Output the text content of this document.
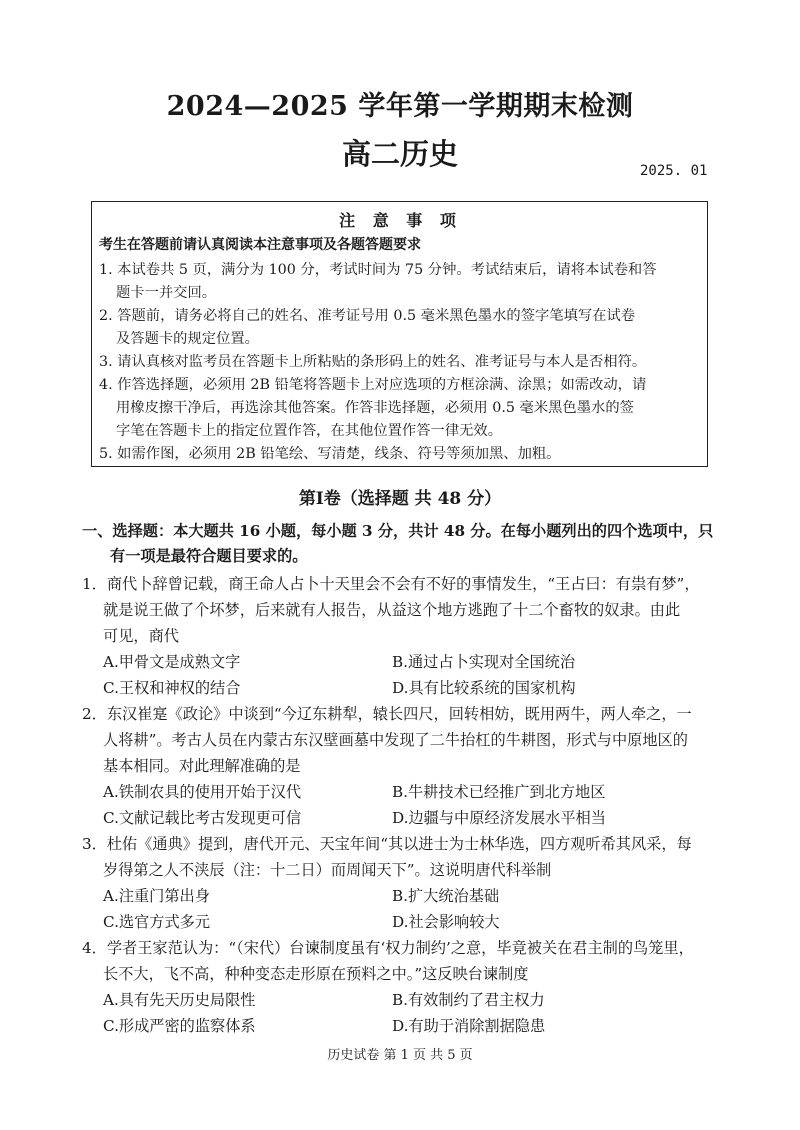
2024—2025 学年第一学期期末检测
高二历史	2025. 01
注 意 事 项
考生在答题前请认真阅读本注意事项及各题答题要求
1. 本试卷共 5 页，满分为 100 分，考试时间为 75 分钟。考试结束后，请将本试卷和答
题卡一并交回。
2. 答题前，请务必将自己的姓名、准考证号用 0.5 毫米黑色墨水的签字笔填写在试卷
及答题卡的规定位置。
3. 请认真核对监考员在答题卡上所粘贴的条形码上的姓名、准考证号与本人是否相符。
4. 作答选择题，必须用 2B 铅笔将答题卡上对应选项的方框涂满、涂黑；如需改动，请
用橡皮擦干净后，再选涂其他答案。作答非选择题，必须用 0.5 毫米黑色墨水的签
字笔在答题卡上的指定位置作答，在其他位置作答一律无效。
5. 如需作图，必须用 2B 铅笔绘、写清楚，线条、符号等须加黑、加粗。
第Ⅰ卷（选择题 共 48 分）
一、选择题：本大题共 16 小题，每小题 3 分，共计 48 分。在每小题列出的四个选项中，只
有一项是最符合题目要求的。
1．商代卜辞曾记载，商王命人占卜十天里会不会有不好的事情发生，“王占曰：有祟有梦”，
就是说王做了个坏梦，后来就有人报告，从益这个地方逃跑了十二个畜牧的奴隶。由此
可见，商代
A.甲骨文是成熟文字	B.通过占卜实现对全国统治
C.王权和神权的结合	D.具有比较系统的国家机构
2．东汉崔寔《政论》中谈到“今辽东耕犁，辕长四尺，回转相妨，既用两牛，两人牵之，一
人将耕”。考古人员在内蒙古东汉壁画墓中发现了二牛抬杠的牛耕图，形式与中原地区的
基本相同。对此理解准确的是
A.铁制农具的使用开始于汉代	B.牛耕技术已经推广到北方地区
C.文献记载比考古发现更可信	D.边疆与中原经济发展水平相当
3．杜佑《通典》提到，唐代开元、天宝年间“其以进士为士林华选，四方观听希其风采，每
岁得第之人不浃辰（注：十二日）而周闻天下”。这说明唐代科举制
A.注重门第出身	B.扩大统治基础
C.选官方式多元	D.社会影响较大
4．学者王家范认为：“（宋代）台谏制度虽有‘权力制约’之意，毕竟被关在君主制的鸟笼里，
长不大，飞不高，种种变态走形原在预料之中。”这反映台谏制度
A.具有先天历史局限性	B.有效制约了君主权力
C.形成严密的监察体系	D.有助于消除割据隐患
历史试卷 第 1 页 共 5 页
